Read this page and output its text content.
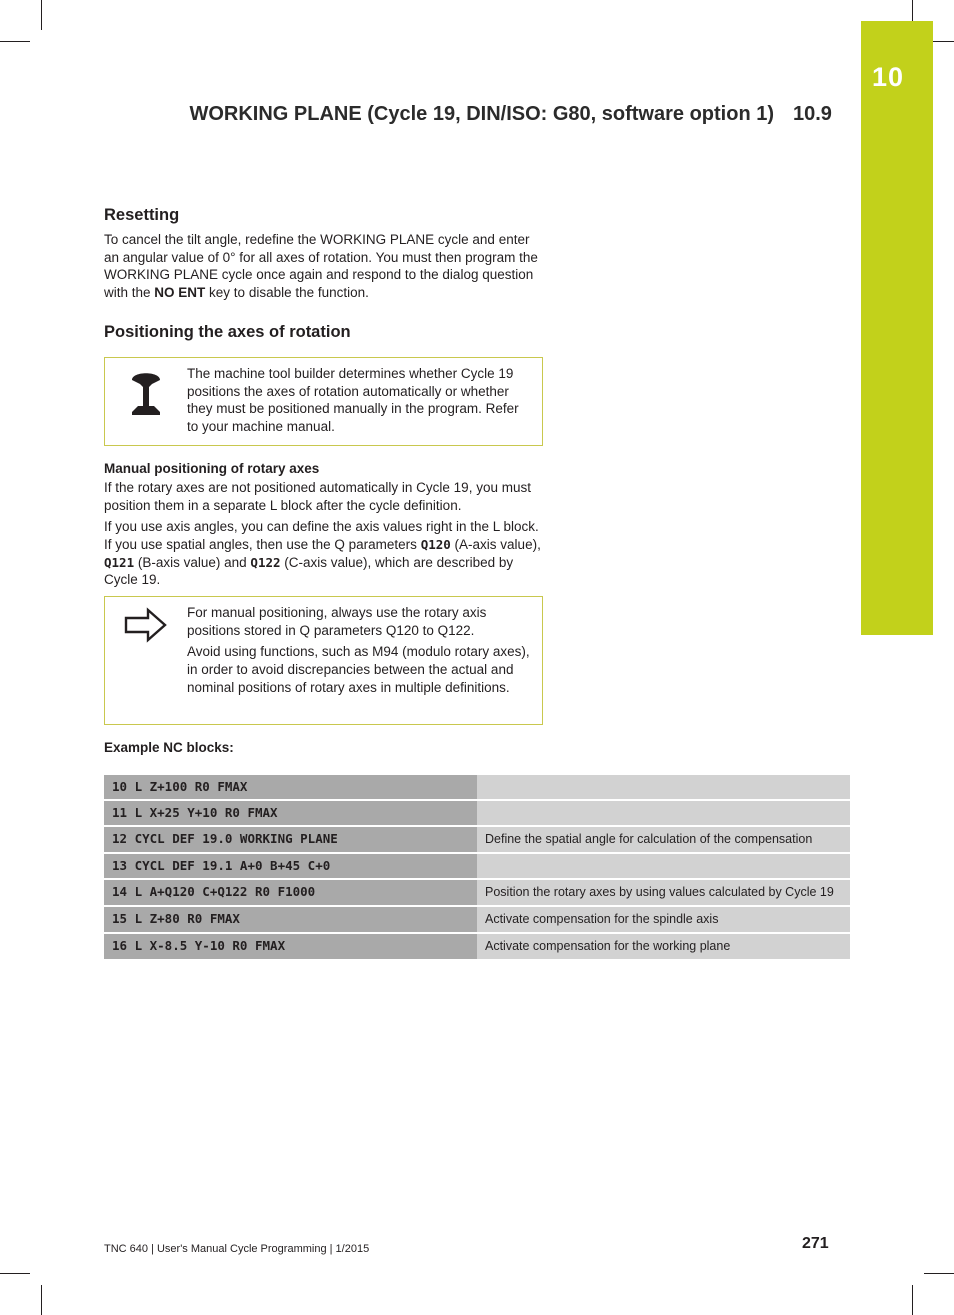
10
WORKING PLANE (Cycle 19, DIN/ISO: G80, software option 1) 10.9
Resetting

To cancel the tilt angle, redefine the WORKING PLANE cycle and enter an angular value of 0° for all axes of rotation. You must then program the WORKING PLANE cycle once again and respond to the dialog question with the NO ENT key to disable the function.

Positioning the axes of rotation

The machine tool builder determines whether Cycle 19 positions the axes of rotation automatically or whether they must be positioned manually in the program. Refer to your machine manual.

Manual positioning of rotary axes

If the rotary axes are not positioned automatically in Cycle 19, you must position them in a separate L block after the cycle definition.

If you use axis angles, you can define the axis values right in the L block. If you use spatial angles, then use the Q parameters Q120 (A-axis value), Q121 (B-axis value) and Q122 (C-axis value), which are described by Cycle 19.

For manual positioning, always use the rotary axis positions stored in Q parameters Q120 to Q122.

Avoid using functions, such as M94 (modulo rotary axes), in order to avoid discrepancies between the actual and nominal positions of rotary axes in multiple definitions.

Example NC blocks:
10 L Z+100 R0 FMAX	
11 L X+25 Y+10 R0 FMAX	
12 CYCL DEF 19.0 WORKING PLANE	Define the spatial angle for calculation of the compensation
13 CYCL DEF 19.1 A+0 B+45 C+0	
14 L A+Q120 C+Q122 R0 F1000	Position the rotary axes by using values calculated by Cycle 19
15 L Z+80 R0 FMAX	Activate compensation for the spindle axis
16 L X-8.5 Y-10 R0 FMAX	Activate compensation for the working plane
TNC 640 | User's Manual Cycle Programming | 1/2015	271
